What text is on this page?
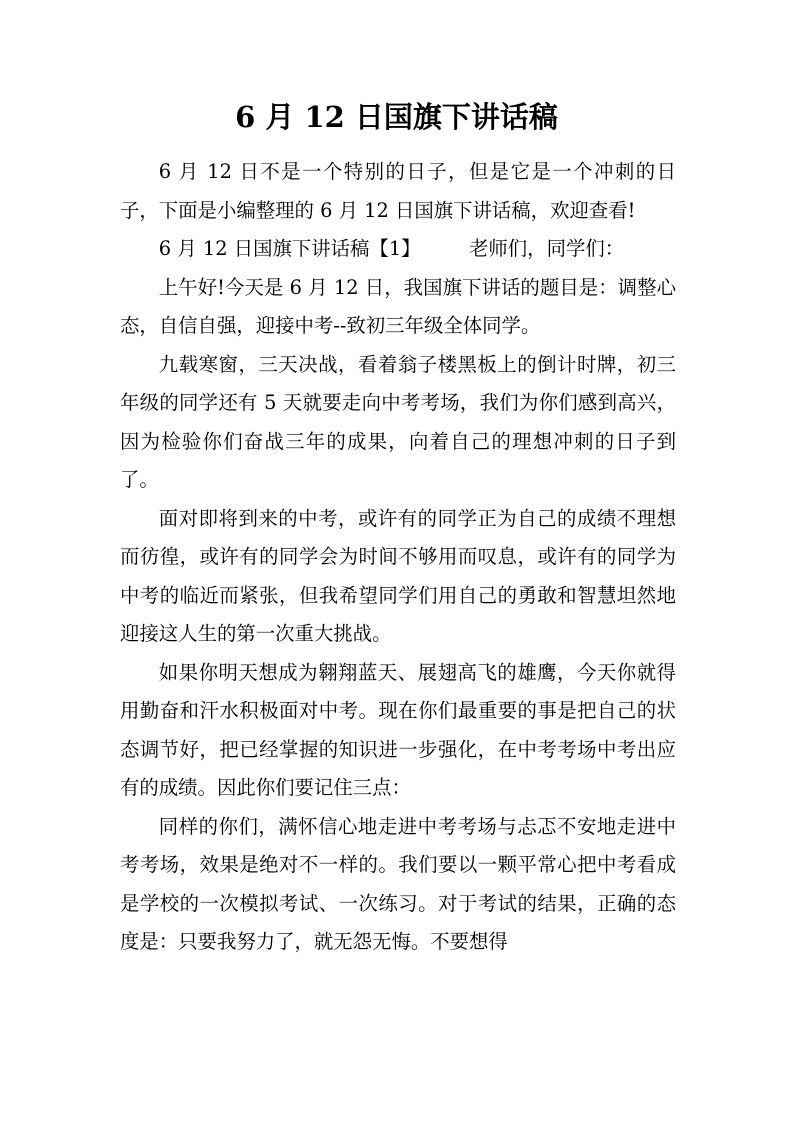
6 月 12 日国旗下讲话稿

6 月 12 日不是一个特别的日子，但是它是一个冲刺的日子，下面是小编整理的 6 月 12 日国旗下讲话稿，欢迎查看!

6 月 12 日国旗下讲话稿【1】　　　老师们，同学们：

上午好!今天是 6 月 12 日，我国旗下讲话的题目是：调整心态，自信自强，迎接中考--致初三年级全体同学。

九载寒窗，三天决战，看着翁子楼黑板上的倒计时牌，初三年级的同学还有 5 天就要走向中考考场，我们为你们感到高兴，因为检验你们奋战三年的成果，向着自己的理想冲刺的日子到了。

面对即将到来的中考，或许有的同学正为自己的成绩不理想而彷徨，或许有的同学会为时间不够用而叹息，或许有的同学为中考的临近而紧张，但我希望同学们用自己的勇敢和智慧坦然地迎接这人生的第一次重大挑战。

如果你明天想成为翱翔蓝天、展翅高飞的雄鹰，今天你就得用勤奋和汗水积极面对中考。现在你们最重要的事是把自己的状态调节好，把已经掌握的知识进一步强化，在中考考场中考出应有的成绩。因此你们要记住三点：

同样的你们，满怀信心地走进中考考场与忐忑不安地走进中考考场，效果是绝对不一样的。我们要以一颗平常心把中考看成是学校的一次模拟考试、一次练习。对于考试的结果，正确的态度是：只要我努力了，就无怨无悔。不要想得
